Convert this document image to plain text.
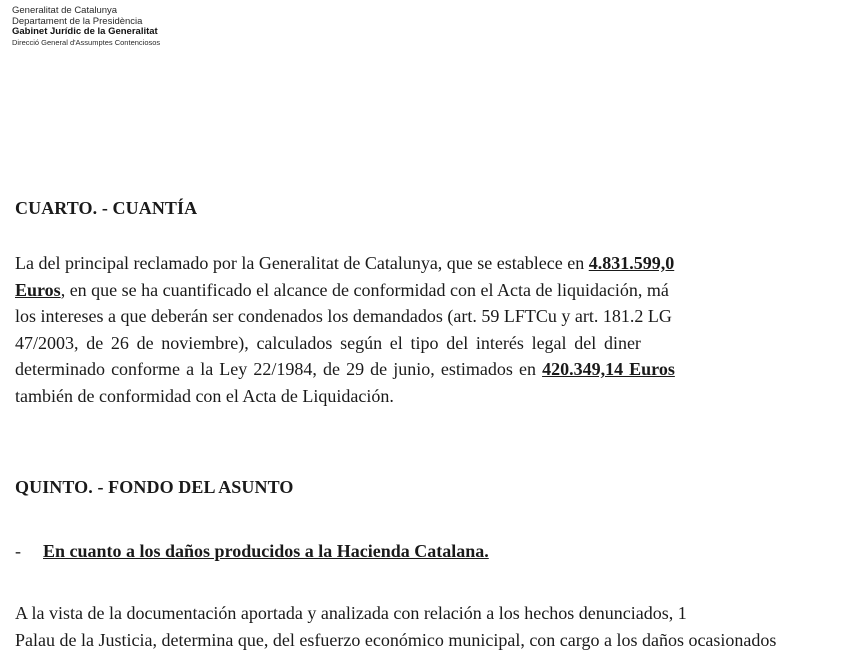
Generalitat de Catalunya
Departament de la Presidència
Gabinet Jurídic de la Generalitat
Direcció General d'Assumptes Contenciosos
CUARTO. - CUANTÍA
La del principal reclamado por la Generalitat de Catalunya, que se establece en 4.831.599,0
Euros, en que se ha cuantificado el alcance de conformidad con el Acta de liquidación, má
los intereses a que deberán ser condenados los demandados (art. 59 LFTCu y art. 181.2 LG
47/2003, de 26 de noviembre), calculados según el tipo del interés legal del diner
determinado conforme a la Ley 22/1984, de 29 de junio, estimados en 420.349,14 Euros
también de conformidad con el Acta de Liquidación.
QUINTO. - FONDO DEL ASUNTO
- En cuanto a los daños producidos a la Hacienda Catalana.
A la vista de la documentación aportada y analizada con relación a los hechos denunciados, 1
Palau de la Justicia, determina que, del esfuerzo económico municipal, con cargo a los daños ocasionados
